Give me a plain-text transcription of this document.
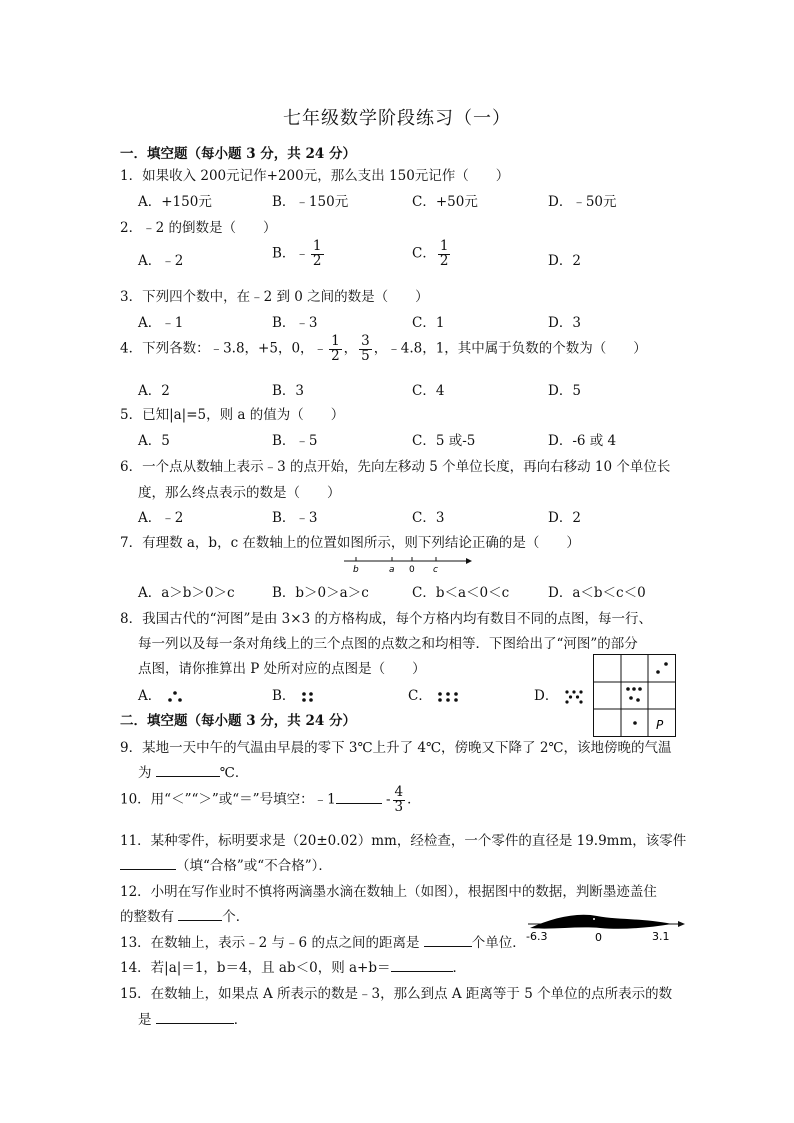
七年级数学阶段练习（一）
一．填空题（每小题 3 分，共 24 分）
1．如果收入 200元记作+200元，那么支出 150元记作（　　）
A．+150元	B．﹣150元	C．+50元	D．﹣50元
2．﹣2 的倒数是（　　）
A．﹣2	B．﹣ $\frac{1}{2}$	C． $\frac{1}{2}$	D．2
3．下列四个数中，在﹣2 到 0 之间的数是（　　）
A．﹣1	B．﹣3	C．1	D．3
4．下列各数：﹣3.8，+5，0，﹣ $\frac{1}{2}$ ， $\frac{3}{5}$ ，﹣4.8，1，其中属于负数的个数为（　　）
A．2	B．3	C．4	D．5
5．已知|a|=5，则 a 的值为（　　）
A．5	B．﹣5	C．5 或-5	D．-6 或 4
6．一个点从数轴上表示﹣3 的点开始，先向左移动 5 个单位长度，再向右移动 10 个单位长
度，那么终点表示的数是（　　）
A．﹣2	B．﹣3	C．3	D．2
7．有理数 a，b，c 在数轴上的位置如图所示，则下列结论正确的是（　　）
b	a 0 c
A．a＞b＞0＞c	B．b＞0＞a＞c	C．b＜a＜0＜c	D．a＜b＜c＜0
8．我国古代的“河图”是由 3×3 的方格构成，每个方格内均有数目不同的点图，每一行、
每一列以及每一条对角线上的三个点图的点数之和均相等．下图给出了“河图”的部分
点图，请你推算出 P 处所对应的点图是（　　）
A．	B．	C．	D．
P
二．填空题（每小题 3 分，共 24 分）
9．某地一天中午的气温由早晨的零下 3℃上升了 4℃，傍晚又下降了 2℃，该地傍晚的气温
为	℃．
10．用“＜”“＞”或“＝”号填空：﹣1	- $\frac{4}{3}$ ．
11．某种零件，标明要求是（20±0.02）mm，经检查，一个零件的直径是 19.9mm，该零件
（填“合格”或“不合格”）．
12．小明在写作业时不慎将两滴墨水滴在数轴上（如图），根据图中的数据，判断墨迹盖住
的整数有	个．
-6.3	0	3.1
13．在数轴上，表示﹣2 与﹣6 的点之间的距离是	个单位．
14．若|a|＝1，b＝4，且 ab＜0，则 a+b＝	．
15．在数轴上，如果点 A 所表示的数是﹣3，那么到点 A 距离等于 5 个单位的点所表示的数
是	．
